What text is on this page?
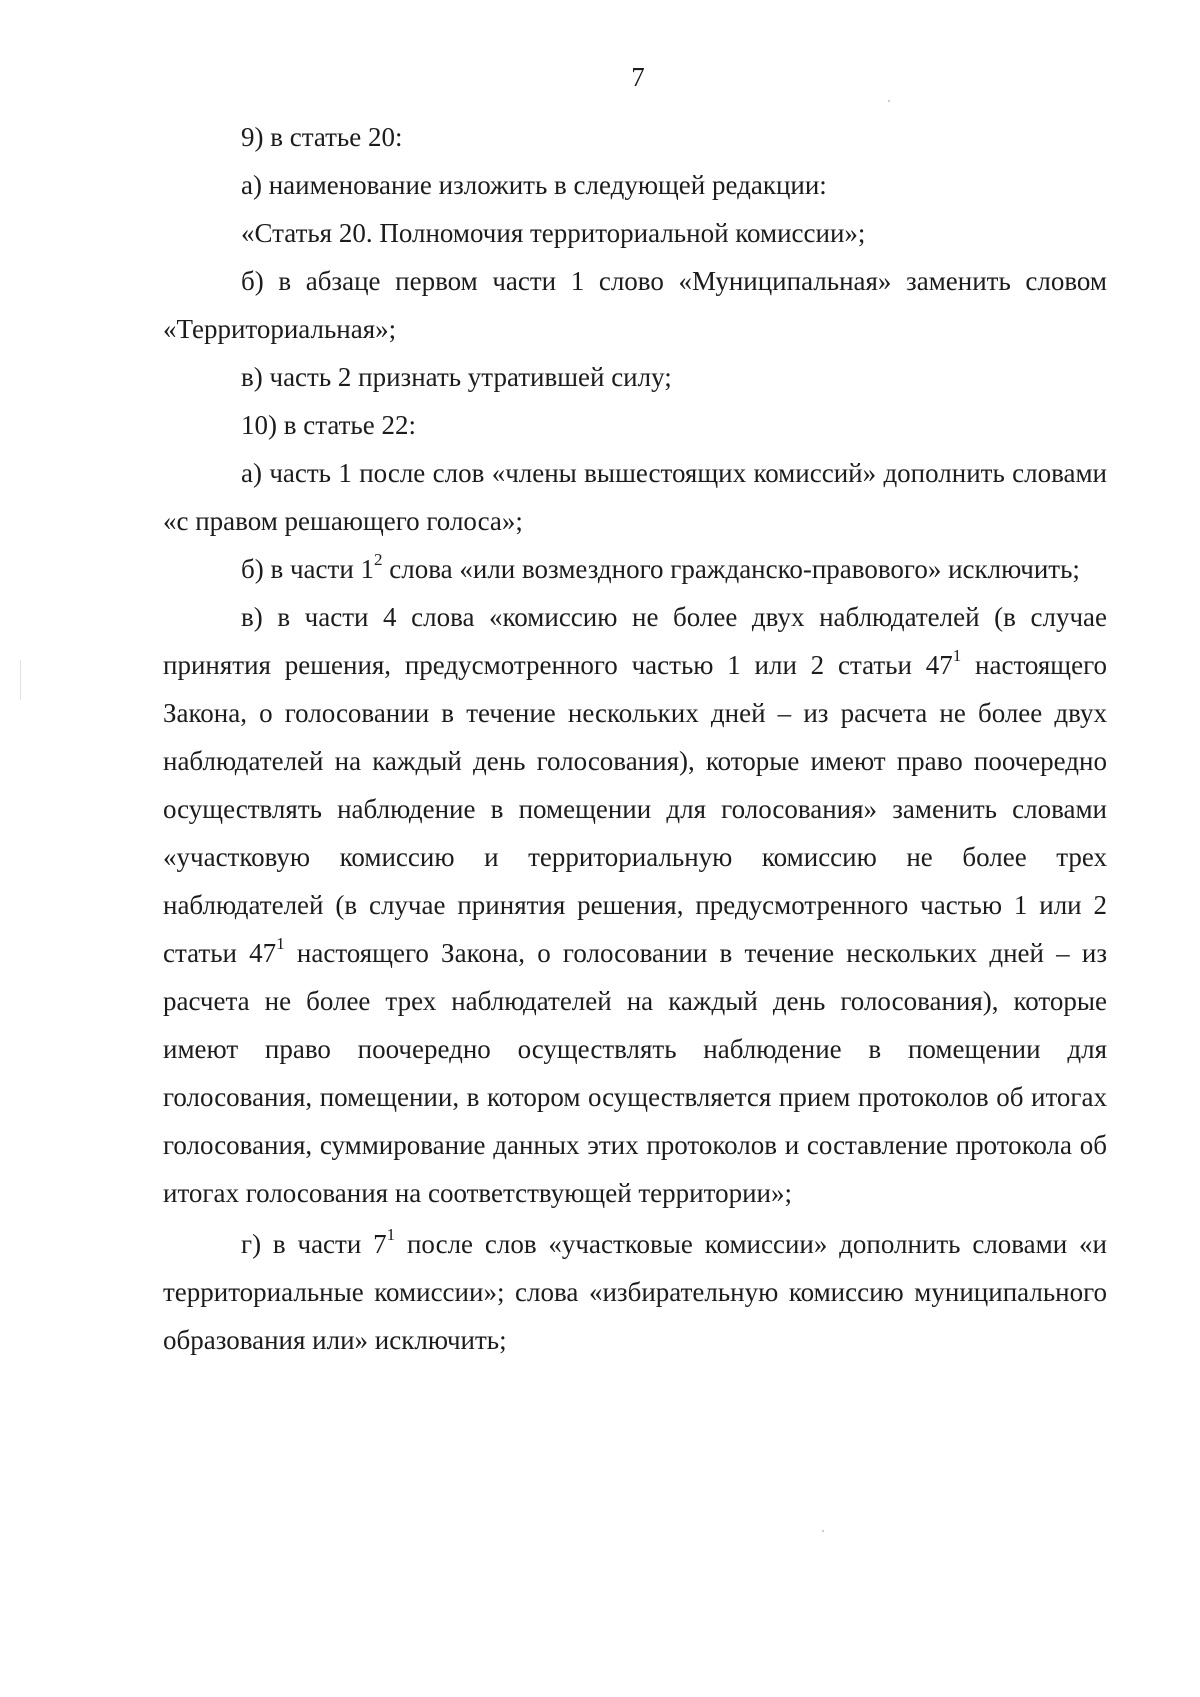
7

9) в статье 20:

а) наименование изложить в следующей редакции:

«Статья 20. Полномочия территориальной комиссии»;

б) в абзаце первом части 1 слово «Муниципальная» заменить словом «Территориальная»;

в) часть 2 признать утратившей силу;

10) в статье 22:

а) часть 1 после слов «члены вышестоящих комиссий» дополнить словами «с правом решающего голоса»;

б) в части $1^2$ слова «или возмездного гражданско-правового» исключить;

в) в части 4 слова «комиссию не более двух наблюдателей (в случае принятия решения, предусмотренного частью 1 или 2 статьи $47^1$ настоящего Закона, о голосовании в течение нескольких дней – из расчета не более двух наблюдателей на каждый день голосования), которые имеют право поочередно осуществлять наблюдение в помещении для голосования» заменить словами «участковую комиссию и территориальную комиссию не более трех наблюдателей (в случае принятия решения, предусмотренного частью 1 или 2 статьи $47^1$ настоящего Закона, о голосовании в течение нескольких дней – из расчета не более трех наблюдателей на каждый день голосования), которые имеют право поочередно осуществлять наблюдение в помещении для голосования, помещении, в котором осуществляется прием протоколов об итогах голосования, суммирование данных этих протоколов и составление протокола об итогах голосования на соответствующей территории»;

г) в части $7^1$ после слов «участковые комиссии» дополнить словами «и территориальные комиссии»; слова «избирательную комиссию муниципального образования или» исключить;
